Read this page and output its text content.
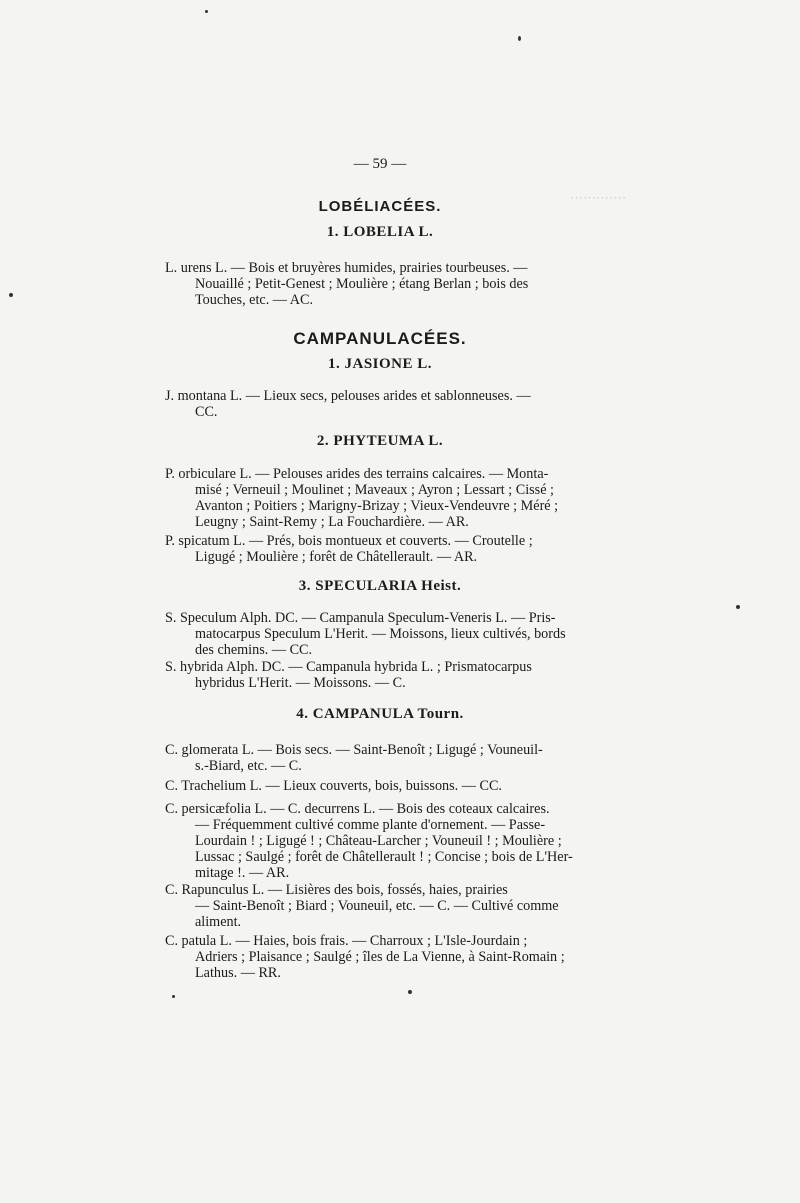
·············
— 59 —
LOBÉLIACÉES.
1. LOBELIA L.
L. urens L. — Bois et bruyères humides, prairies tourbeuses. —
Nouaillé ; Petit-Genest ; Moulière ; étang Berlan ; bois des
Touches, etc. — AC.
CAMPANULACÉES.
1. JASIONE L.
J. montana L. — Lieux secs, pelouses arides et sablonneuses. —
CC.
2. PHYTEUMA L.
P. orbiculare L. — Pelouses arides des terrains calcaires. — Monta-
misé ; Verneuil ; Moulinet ; Maveaux ; Ayron ; Lessart ; Cissé ;
Avanton ; Poitiers ; Marigny-Brizay ; Vieux-Vendeuvre ; Méré ;
Leugny ; Saint-Remy ; La Fouchardière. — AR.
P. spicatum L. — Prés, bois montueux et couverts. — Croutelle ;
Ligugé ; Moulière ; forêt de Châtellerault. — AR.
3. SPECULARIA Heist.
S. Speculum Alph. DC. — Campanula Speculum-Veneris L. — Pris-
matocarpus Speculum L'Herit. — Moissons, lieux cultivés, bords
des chemins. — CC.
S. hybrida Alph. DC. — Campanula hybrida L. ; Prismatocarpus
hybridus L'Herit. — Moissons. — C.
4. CAMPANULA Tourn.
C. glomerata L. — Bois secs. — Saint-Benoît ; Ligugé ; Vouneuil-
s.-Biard, etc. — C.
C. Trachelium L. — Lieux couverts, bois, buissons. — CC.
C. persicæfolia L. — C. decurrens L. — Bois des coteaux calcaires.
— Fréquemment cultivé comme plante d'ornement. — Passe-
Lourdain ! ; Ligugé ! ; Château-Larcher ; Vouneuil ! ; Moulière ;
Lussac ; Saulgé ; forêt de Châtellerault ! ; Concise ; bois de L'Her-
mitage !. — AR.
C. Rapunculus L. — Lisières des bois, fossés, haies, prairies
— Saint-Benoît ; Biard ; Vouneuil, etc. — C. — Cultivé comme
aliment.
C. patula L. — Haies, bois frais. — Charroux ; L'Isle-Jourdain ;
Adriers ; Plaisance ; Saulgé ; îles de La Vienne, à Saint-Romain ;
Lathus. — RR.
